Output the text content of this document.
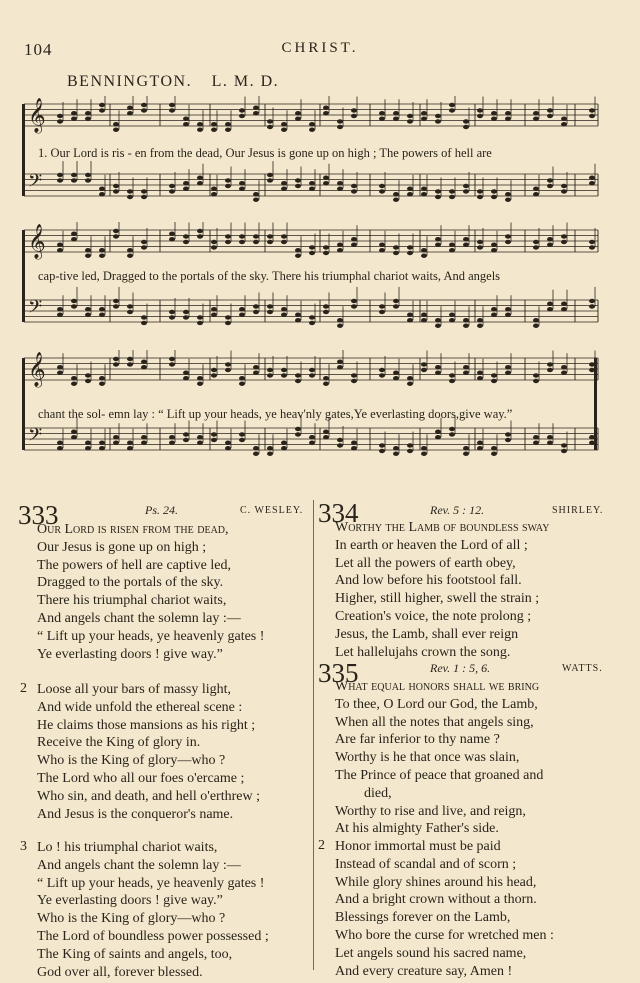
104	CHRIST.
BENNINGTON. L. M. D.
𝄞
𝄢
1. Our Lord is ris - en from the dead, Our Jesus is gone up on high ; The powers of hell are
𝄞
𝄢
cap-tive led, Dragged to the portals of the sky. There his triumphal chariot waits, And angels
𝄞
𝄢
chant the sol- emn lay : “ Lift up your heads, ye heav'nly gates,Ye everlasting doors,give way.”
333	Ps. 24.	C. WESLEY.
Our Lord is risen from the dead,
Our Jesus is gone up on high ;
The powers of hell are captive led,
Dragged to the portals of the sky.
There his triumphal chariot waits,
And angels chant the solemn lay :—
“ Lift up your heads, ye heavenly gates !
Ye everlasting doors ! give way.”
2 Loose all your bars of massy light,
And wide unfold the ethereal scene :
He claims those mansions as his right ;
Receive the King of glory in.
Who is the King of glory—who ?
The Lord who all our foes o'ercame ;
Who sin, and death, and hell o'erthrew ;
And Jesus is the conqueror's name.
3 Lo ! his triumphal chariot waits,
And angels chant the solemn lay :—
“ Lift up your heads, ye heavenly gates !
Ye everlasting doors ! give way.”
Who is the King of glory—who ?
The Lord of boundless power possessed ;
The King of saints and angels, too,
God over all, forever blessed.
334	Rev. 5 : 12.	SHIRLEY.
Worthy the Lamb of boundless sway
In earth or heaven the Lord of all ;
Let all the powers of earth obey,
And low before his footstool fall.
Higher, still higher, swell the strain ;
Creation's voice, the note prolong ;
Jesus, the Lamb, shall ever reign
Let hallelujahs crown the song.
335	Rev. 1 : 5, 6.	WATTS.
What equal honors shall we bring
To thee, O Lord our God, the Lamb,
When all the notes that angels sing,
Are far inferior to thy name ?
Worthy is he that once was slain,
The Prince of peace that groaned and
died,
Worthy to rise and live, and reign,
At his almighty Father's side.
2 Honor immortal must be paid
Instead of scandal and of scorn ;
While glory shines around his head,
And a bright crown without a thorn.
Blessings forever on the Lamb,
Who bore the curse for wretched men :
Let angels sound his sacred name,
And every creature say, Amen !
